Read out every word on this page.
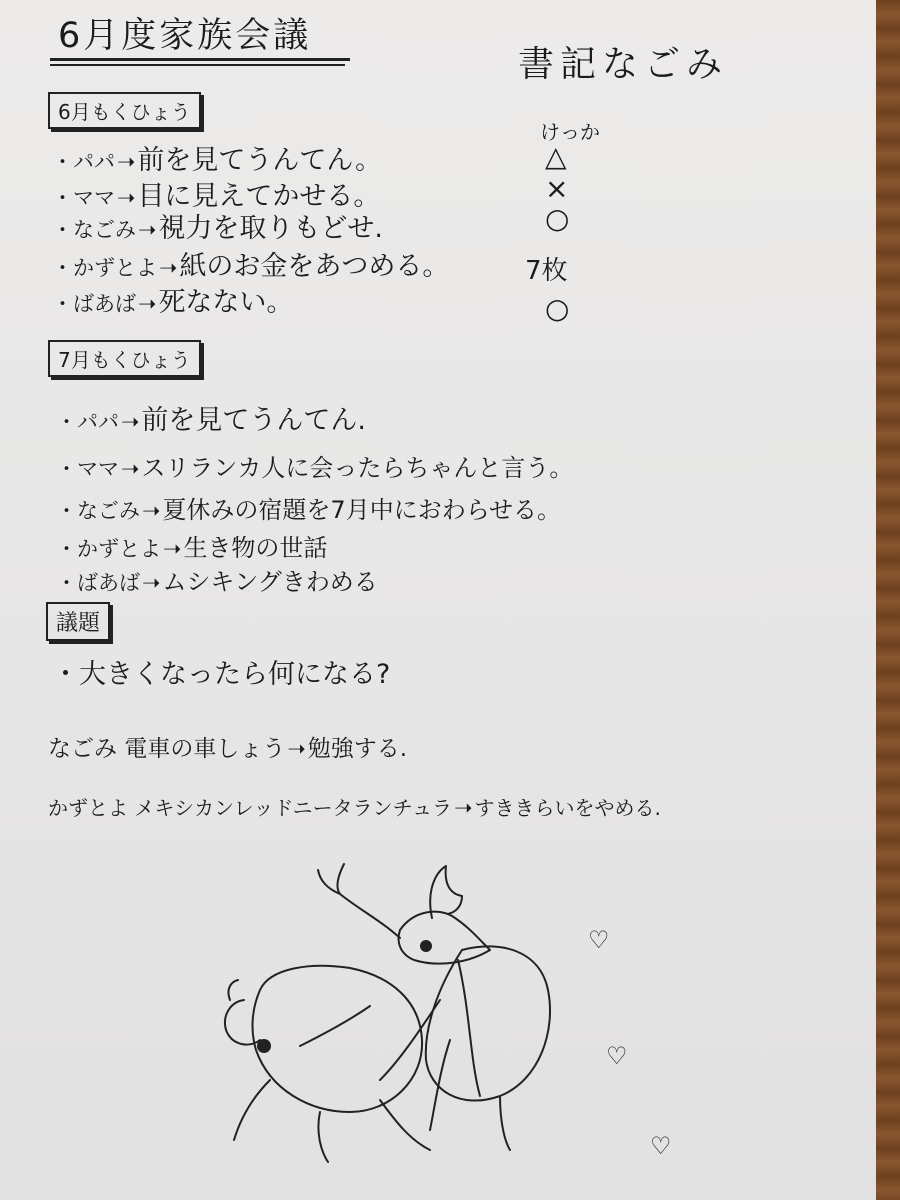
6月度家族会議
書記なごみ
6月もくひょう
・パパ➝前を見てうんてん。
・ママ➝目に見えてかせる。
・なごみ➝視力を取りもどせ.
・かずとよ➝紙のお金をあつめる。
・ばあば➝死なない。
けっか
△
×
○
7枚
○
7月もくひょう
・パパ➝前を見てうんてん.
・ママ➝スリランカ人に会ったらちゃんと言う。
・なごみ➝夏休みの宿題を7月中におわらせる。
・かずとよ➝生き物の世話
・ばあば➝ムシキングきわめる
議題
・大きくなったら何になる?
なごみ 電車の車しょう➝勉強する.
かずとよ メキシカンレッドニータランチュラ➝ すききらいをやめる.
♡
♡
♡
